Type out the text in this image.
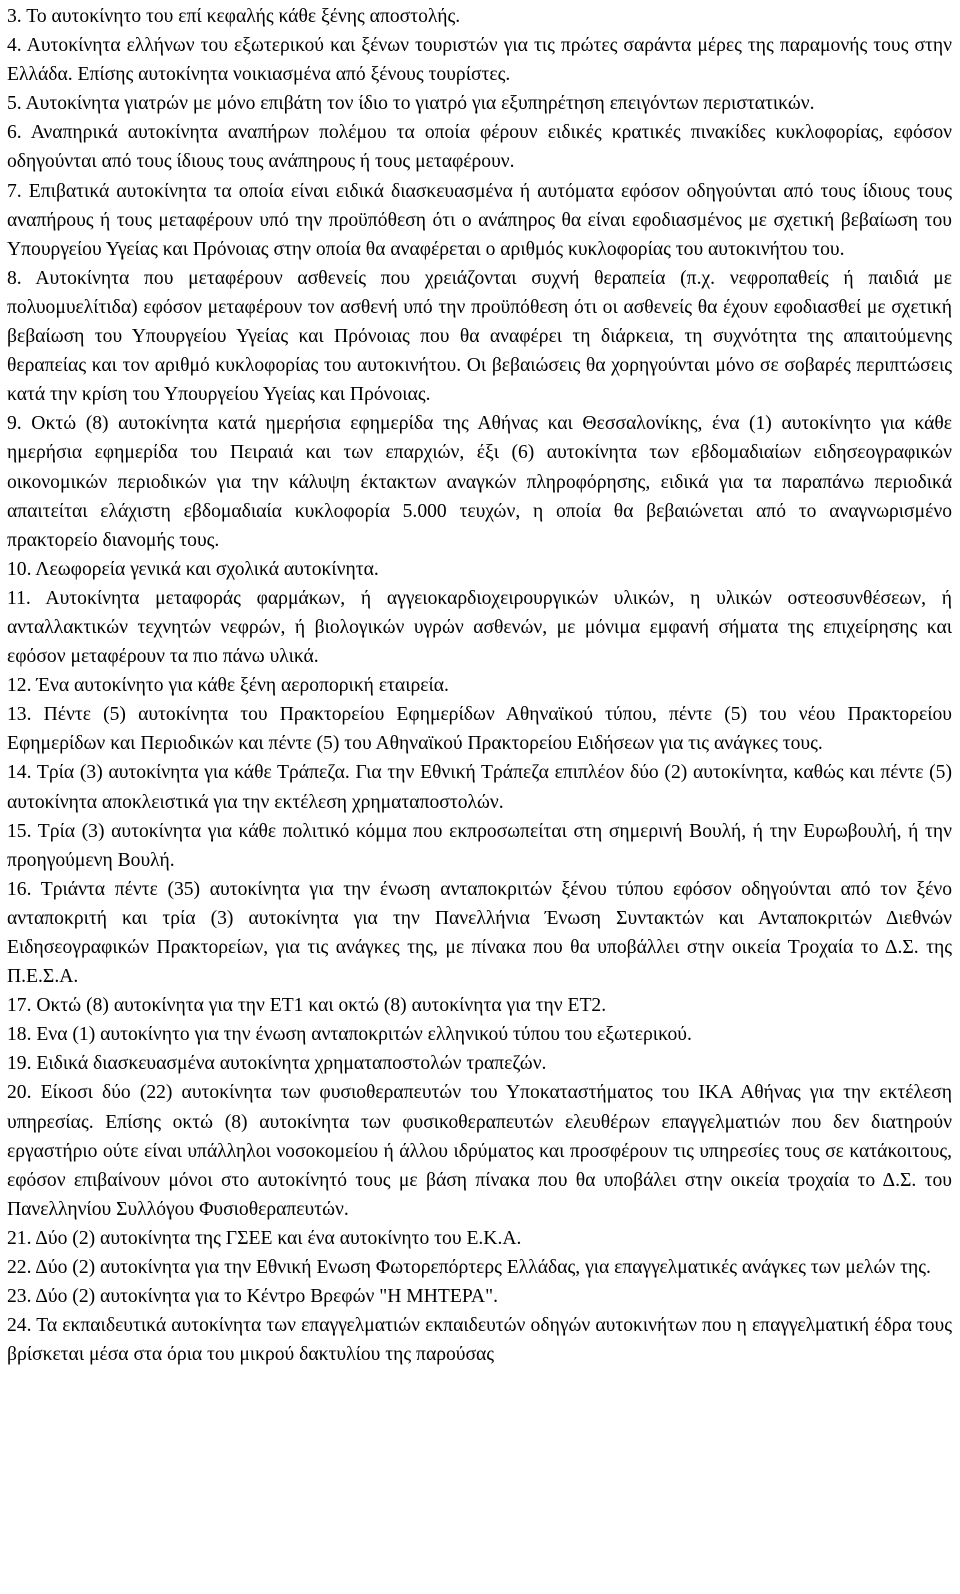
3. Το αυτοκίνητο του επί κεφαλής κάθε ξένης αποστολής.

4. Αυτοκίνητα ελλήνων του εξωτερικού και ξένων τουριστών για τις πρώτες σαράντα μέρες της παραμονής τους στην Ελλάδα. Επίσης αυτοκίνητα νοικιασμένα από ξένους τουρίστες.

5. Αυτοκίνητα γιατρών με μόνο επιβάτη τον ίδιο το γιατρό για εξυπηρέτηση επειγόντων περιστατικών.

6. Αναπηρικά αυτοκίνητα αναπήρων πολέμου τα οποία φέρουν ειδικές κρατικές πινακίδες κυκλοφορίας, εφόσον οδηγούνται από τους ίδιους τους ανάπηρους ή τους μεταφέρουν.

7. Επιβατικά αυτοκίνητα τα οποία είναι ειδικά διασκευασμένα ή αυτόματα εφόσον οδηγούνται από τους ίδιους τους αναπήρους ή τους μεταφέρουν υπό την προϋπόθεση ότι ο ανάπηρος θα είναι εφοδιασμένος με σχετική βεβαίωση του Υπουργείου Υγείας και Πρόνοιας στην οποία θα αναφέρεται ο αριθμός κυκλοφορίας του αυτοκινήτου του.

8. Αυτοκίνητα που μεταφέρουν ασθενείς που χρειάζονται συχνή θεραπεία (π.χ. νεφροπαθείς ή παιδιά με πολυομυελίτιδα) εφόσον μεταφέρουν τον ασθενή υπό την προϋπόθεση ότι οι ασθενείς θα έχουν εφοδιασθεί με σχετική βεβαίωση του Υπουργείου Υγείας και Πρόνοιας που θα αναφέρει τη διάρκεια, τη συχνότητα της απαιτούμενης θεραπείας και τον αριθμό κυκλοφορίας του αυτοκινήτου. Οι βεβαιώσεις θα χορηγούνται μόνο σε σοβαρές περιπτώσεις κατά την κρίση του Υπουργείου Υγείας και Πρόνοιας.

9. Οκτώ (8) αυτοκίνητα κατά ημερήσια εφημερίδα της Αθήνας και Θεσσαλονίκης, ένα (1) αυτοκίνητο για κάθε ημερήσια εφημερίδα του Πειραιά και των επαρχιών, έξι (6) αυτοκίνητα των εβδομαδιαίων ειδησεογραφικών οικονομικών περιοδικών για την κάλυψη έκτακτων αναγκών πληροφόρησης, ειδικά για τα παραπάνω περιοδικά απαιτείται ελάχιστη εβδομαδιαία κυκλοφορία 5.000 τευχών, η οποία θα βεβαιώνεται από το αναγνωρισμένο πρακτορείο διανομής τους.

10. Λεωφορεία γενικά και σχολικά αυτοκίνητα.

11. Αυτοκίνητα μεταφοράς φαρμάκων, ή αγγειοκαρδιοχειρουργικών υλικών, η υλικών οστεοσυνθέσεων, ή ανταλλακτικών τεχνητών νεφρών, ή βιολογικών υγρών ασθενών, με μόνιμα εμφανή σήματα της επιχείρησης και εφόσον μεταφέρουν τα πιο πάνω υλικά.

12. Ένα αυτοκίνητο για κάθε ξένη αεροπορική εταιρεία.

13. Πέντε (5) αυτοκίνητα του Πρακτορείου Εφημερίδων Αθηναϊκού τύπου, πέντε (5) του νέου Πρακτορείου Εφημερίδων και Περιοδικών και πέντε (5) του Αθηναϊκού Πρακτορείου Ειδήσεων για τις ανάγκες τους.

14. Τρία (3) αυτοκίνητα για κάθε Τράπεζα. Για την Εθνική Τράπεζα επιπλέον δύο (2) αυτοκίνητα, καθώς και πέντε (5) αυτοκίνητα αποκλειστικά για την εκτέλεση χρηματαποστολών.

15. Τρία (3) αυτοκίνητα για κάθε πολιτικό κόμμα που εκπροσωπείται στη σημερινή Βουλή, ή την Ευρωβουλή, ή την προηγούμενη Βουλή.

16. Τριάντα πέντε (35) αυτοκίνητα για την ένωση ανταποκριτών ξένου τύπου εφόσον οδηγούνται από τον ξένο ανταποκριτή και τρία (3) αυτοκίνητα για την Πανελλήνια Ένωση Συντακτών και Ανταποκριτών Διεθνών Ειδησεογραφικών Πρακτορείων, για τις ανάγκες της, με πίνακα που θα υποβάλλει στην οικεία Τροχαία το Δ.Σ. της Π.Ε.Σ.Α.

17. Οκτώ (8) αυτοκίνητα για την ΕΤ1 και οκτώ (8) αυτοκίνητα για την ΕΤ2.

18. Ενα (1) αυτοκίνητο για την ένωση ανταποκριτών ελληνικού τύπου του εξωτερικού.

19. Ειδικά διασκευασμένα αυτοκίνητα χρηματαποστολών τραπεζών.

20. Είκοσι δύο (22) αυτοκίνητα των φυσιοθεραπευτών του Υποκαταστήματος του ΙΚΑ Αθήνας για την εκτέλεση υπηρεσίας. Επίσης οκτώ (8) αυτοκίνητα των φυσικοθεραπευτών ελευθέρων επαγγελματιών που δεν διατηρούν εργαστήριο ούτε είναι υπάλληλοι νοσοκομείου ή άλλου ιδρύματος και προσφέρουν τις υπηρεσίες τους σε κατάκοιτους, εφόσον επιβαίνουν μόνοι στο αυτοκίνητό τους με βάση πίνακα που θα υποβάλει στην οικεία τροχαία το Δ.Σ. του Πανελληνίου Συλλόγου Φυσιοθεραπευτών.

21. Δύο (2) αυτοκίνητα της ΓΣΕΕ και ένα αυτοκίνητο του Ε.Κ.Α.

22. Δύο (2) αυτοκίνητα για την Εθνική Ενωση Φωτορεπόρτερς Ελλάδας, για επαγγελματικές ανάγκες των μελών της.

23. Δύο (2) αυτοκίνητα για το Κέντρο Βρεφών "Η ΜΗΤΕΡΑ".

24. Τα εκπαιδευτικά αυτοκίνητα των επαγγελματιών εκπαιδευτών οδηγών αυτοκινήτων που η επαγγελματική έδρα τους βρίσκεται μέσα στα όρια του μικρού δακτυλίου της παρούσας
